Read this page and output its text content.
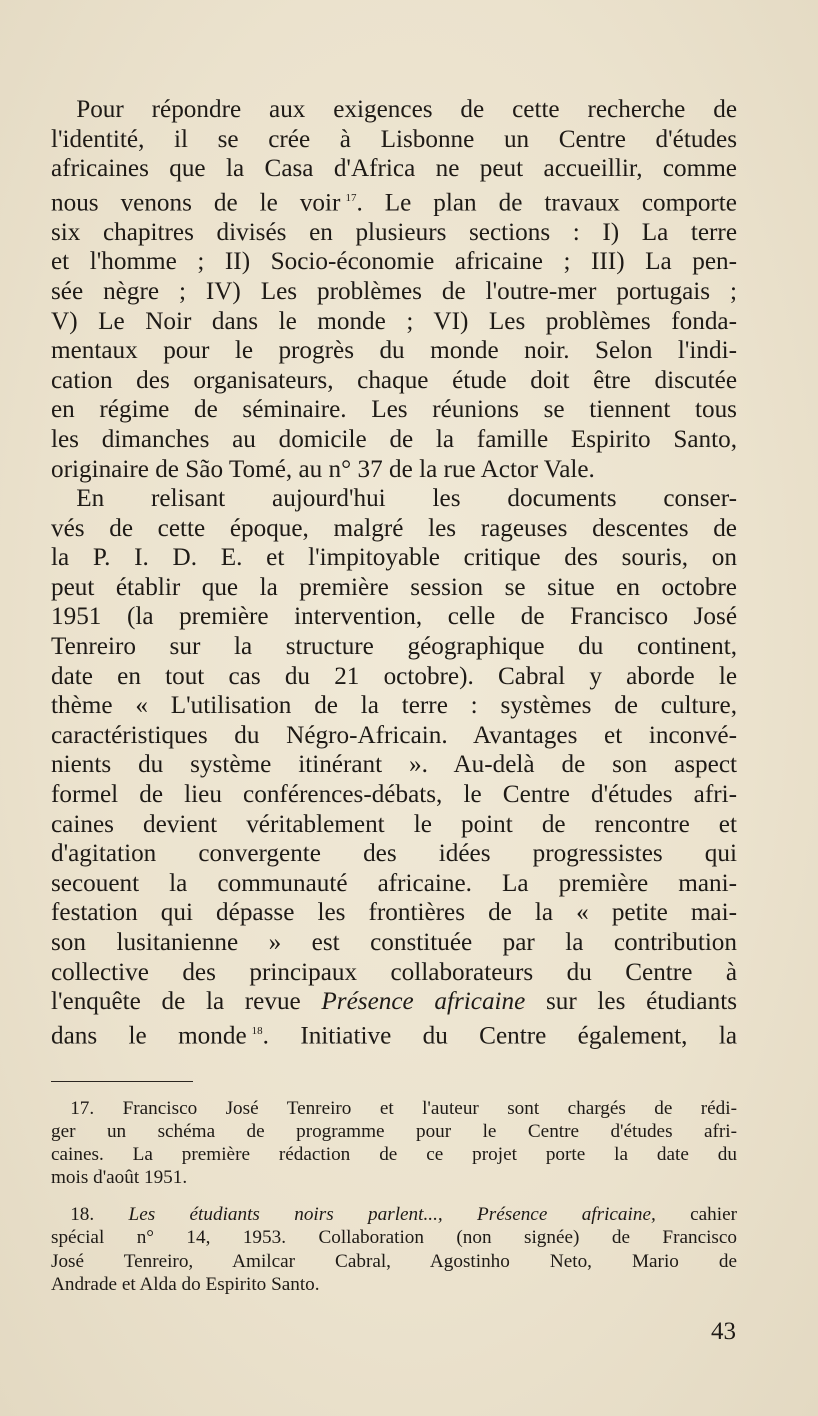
 Pour répondre aux exigences de cette recherche de
l'identité, il se crée à Lisbonne un Centre d'études
africaines que la Casa d'Africa ne peut accueillir, comme
nous venons de le voir  $^{17}$. Le plan de travaux comporte
six chapitres divisés en plusieurs sections : I) La terre
et l'homme ; II) Socio-économie africaine ; III) La pen-
sée nègre ; IV) Les problèmes de l'outre-mer portugais ;
V) Le Noir dans le monde ; VI) Les problèmes fonda-
mentaux pour le progrès du monde noir. Selon l'indi-
cation des organisateurs, chaque étude doit être discutée
en régime de séminaire. Les réunions se tiennent tous
les dimanches au domicile de la famille Espirito Santo,
originaire de São Tomé, au n° 37 de la rue Actor Vale.
 En relisant aujourd'hui les documents conser-
vés de cette époque, malgré les rageuses descentes de
la P. I. D. E. et l'impitoyable critique des souris, on
peut établir que la première session se situe en octobre
1951 (la première intervention, celle de Francisco José
Tenreiro sur la structure géographique du continent,
date en tout cas du 21 octobre). Cabral y aborde le
thème « L'utilisation de la terre : systèmes de culture,
caractéristiques du Négro-Africain. Avantages et inconvé-
nients du système itinérant ». Au-delà de son aspect
formel de lieu conférences-débats, le Centre d'études afri-
caines devient véritablement le point de rencontre et
d'agitation convergente des idées progressistes qui
secouent la communauté africaine. La première mani-
festation qui dépasse les frontières de la « petite mai-
son lusitanienne » est constituée par la contribution
collective des principaux collaborateurs du Centre à
l'enquête de la revue Présence africaine sur les étudiants
dans le monde  $^{18}$. Initiative du Centre également, la
 17. Francisco José Tenreiro et l'auteur sont chargés de rédi-
ger un schéma de programme pour le Centre d'études afri-
caines. La première rédaction de ce projet porte la date du
mois d'août 1951.
 18. Les étudiants noirs parlent..., Présence africaine, cahier
spécial n° 14, 1953. Collaboration (non signée) de Francisco
José Tenreiro, Amilcar Cabral, Agostinho Neto, Mario de
Andrade et Alda do Espirito Santo.
43
